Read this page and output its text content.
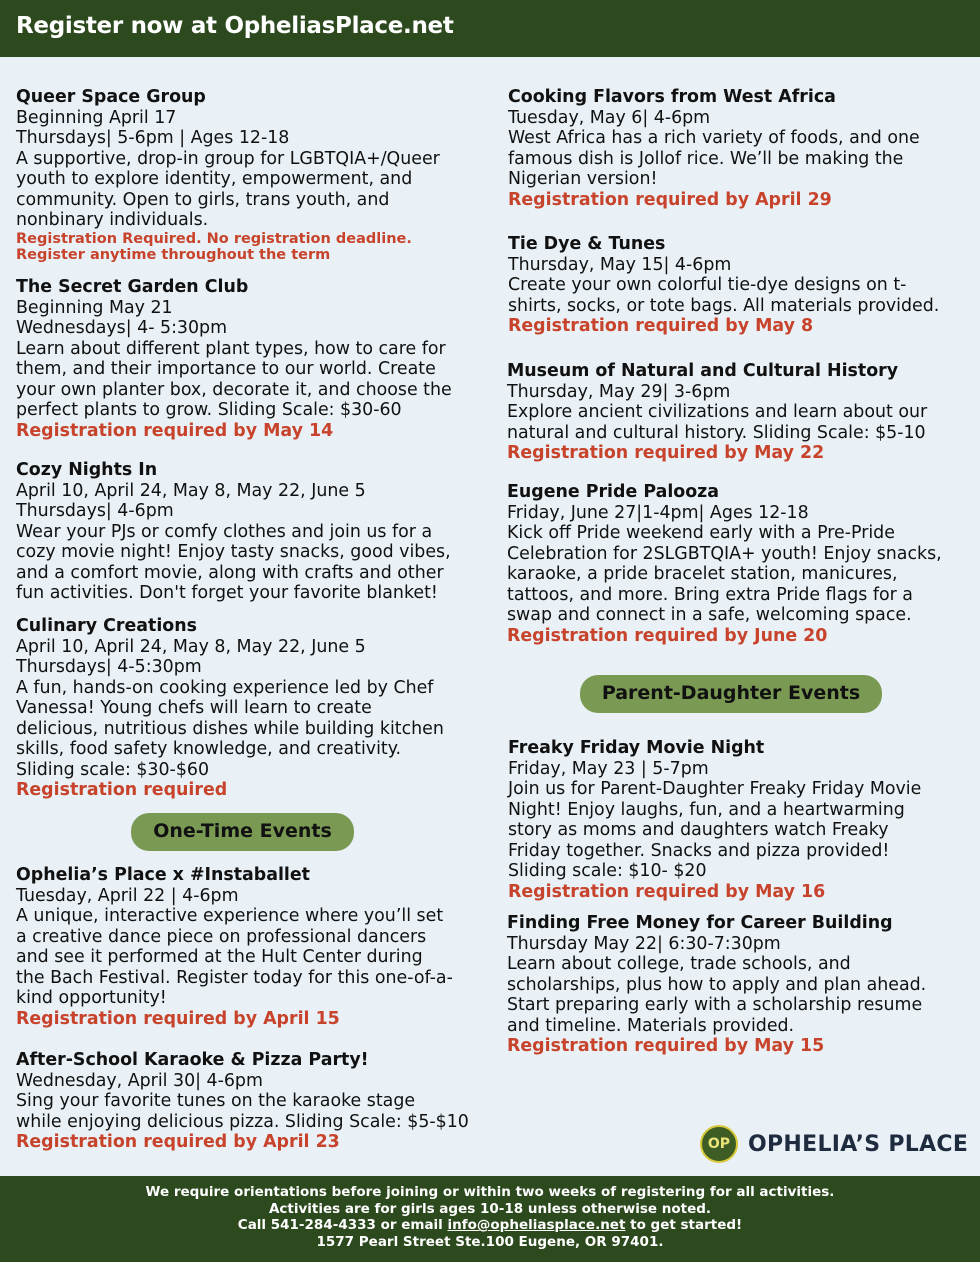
Register now at OpheliasPlace.net
Queer Space Group
Beginning April 17
Thursdays| 5-6pm | Ages 12-18
A supportive, drop-in group for LGBTQIA+/Queer
youth to explore identity, empowerment, and
community. Open to girls, trans youth, and
nonbinary individuals.
Registration Required. No registration deadline.
Register anytime throughout the term
The Secret Garden Club
Beginning May 21
Wednesdays| 4- 5:30pm
Learn about different plant types, how to care for
them, and their importance to our world. Create
your own planter box, decorate it, and choose the
perfect plants to grow. Sliding Scale: $30-60
Registration required by May 14
Cozy Nights In
April 10, April 24, May 8, May 22, June 5
Thursdays| 4-6pm
Wear your PJs or comfy clothes and join us for a
cozy movie night! Enjoy tasty snacks, good vibes,
and a comfort movie, along with crafts and other
fun activities. Don't forget your favorite blanket!
Culinary Creations
April 10, April 24, May 8, May 22, June 5
Thursdays| 4-5:30pm
A fun, hands-on cooking experience led by Chef
Vanessa! Young chefs will learn to create
delicious, nutritious dishes while building kitchen
skills, food safety knowledge, and creativity.
Sliding scale: $30-$60
Registration required
One-Time Events
Ophelia’s Place x #Instaballet
Tuesday, April 22 | 4-6pm
A unique, interactive experience where you’ll set
a creative dance piece on professional dancers
and see it performed at the Hult Center during
the Bach Festival. Register today for this one-of-a-
kind opportunity!
Registration required by April 15
After-School Karaoke & Pizza Party!
Wednesday, April 30| 4-6pm
Sing your favorite tunes on the karaoke stage
while enjoying delicious pizza. Sliding Scale: $5-$10
Registration required by April 23
Cooking Flavors from West Africa
Tuesday, May 6| 4-6pm
West Africa has a rich variety of foods, and one
famous dish is Jollof rice. We’ll be making the
Nigerian version!
Registration required by April 29
Tie Dye & Tunes
Thursday, May 15| 4-6pm
Create your own colorful tie-dye designs on t-
shirts, socks, or tote bags. All materials provided.
Registration required by May 8
Museum of Natural and Cultural History
Thursday, May 29| 3-6pm
Explore ancient civilizations and learn about our
natural and cultural history. Sliding Scale: $5-10
Registration required by May 22
Eugene Pride Palooza
Friday, June 27|1-4pm| Ages 12-18
Kick off Pride weekend early with a Pre-Pride
Celebration for 2SLGBTQIA+ youth! Enjoy snacks,
karaoke, a pride bracelet station, manicures,
tattoos, and more. Bring extra Pride flags for a
swap and connect in a safe, welcoming space.
Registration required by June 20
Parent-Daughter Events
Freaky Friday Movie Night
Friday, May 23 | 5-7pm
Join us for Parent-Daughter Freaky Friday Movie
Night! Enjoy laughs, fun, and a heartwarming
story as moms and daughters watch Freaky
Friday together. Snacks and pizza provided!
Sliding scale: $10- $20
Registration required by May 16
Finding Free Money for Career Building
Thursday May 22| 6:30-7:30pm
Learn about college, trade schools, and
scholarships, plus how to apply and plan ahead.
Start preparing early with a scholarship resume
and timeline. Materials provided.
Registration required by May 15
OP OPHELIA’S PLACE
We require orientations before joining or within two weeks of registering for all activities.
Activities are for girls ages 10-18 unless otherwise noted.
Call 541-284-4333 or email info@opheliasplace.net to get started!
1577 Pearl Street Ste.100 Eugene, OR 97401.
